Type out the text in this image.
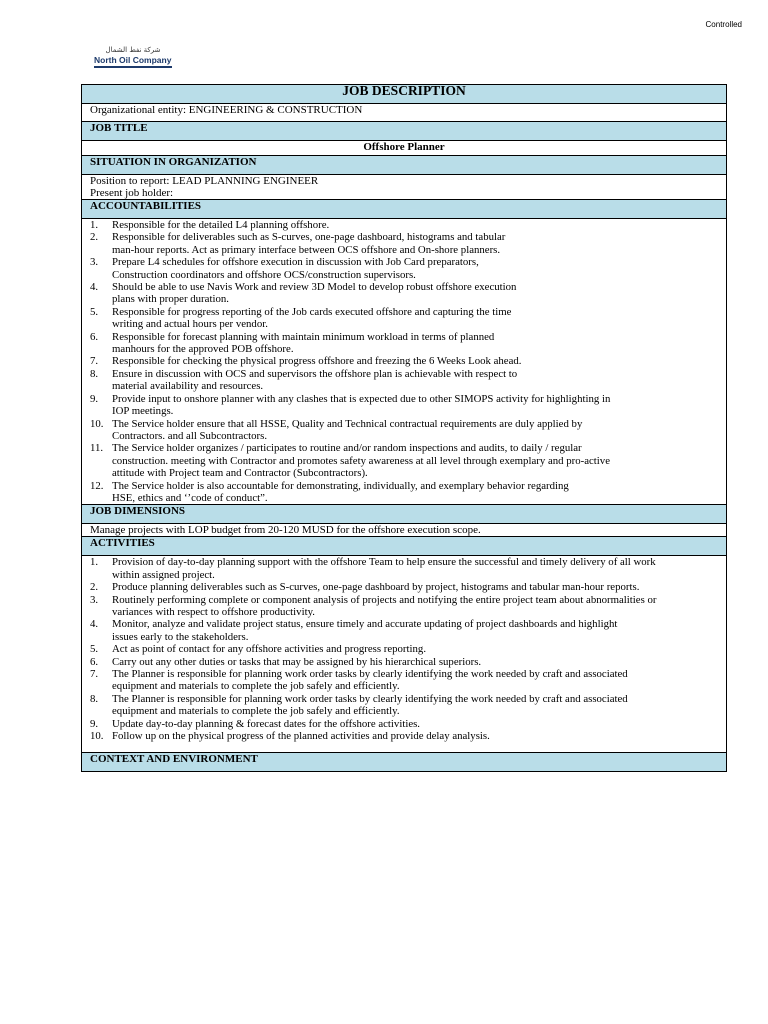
Controlled
شركة نفط الشمال
North Oil Company
JOB DESCRIPTION
Organizational entity: ENGINEERING & CONSTRUCTION
JOB TITLE
Offshore Planner
SITUATION IN ORGANIZATION

Position to report: LEAD PLANNING ENGINEER
Present job holder:

ACCOUNTABILITIES

1.	Responsible for the detailed L4 planning offshore.
2.	Responsible for deliverables such as S-curves, one-page dashboard, histograms and tabular
man-hour reports. Act as primary interface between OCS offshore and On-shore planners.
3.	Prepare L4 schedules for offshore execution in discussion with Job Card preparators,
Construction coordinators and offshore OCS/construction supervisors.
4.	Should be able to use Navis Work and review 3D Model to develop robust offshore execution
plans with proper duration.
5.	Responsible for progress reporting of the Job cards executed offshore and capturing the time
writing and actual hours per vendor.
6.	Responsible for forecast planning with maintain minimum workload in terms of planned
manhours for the approved POB offshore.
7.	Responsible for checking the physical progress offshore and freezing the 6 Weeks Look ahead.
8.	Ensure in discussion with OCS and supervisors the offshore plan is achievable with respect to
material availability and resources.
9.	Provide input to onshore planner with any clashes that is expected due to other SIMOPS activity for highlighting in
IOP meetings.
10. The Service holder ensure that all HSSE, Quality and Technical contractual requirements are duly applied by
Contractors. and all Subcontractors.
11. The Service holder organizes / participates to routine and/or random inspections and audits, to daily / regular
construction. meeting with Contractor and promotes safety awareness at all level through exemplary and pro-active
attitude with Project team and Contractor (Subcontractors).
12. The Service holder is also accountable for demonstrating, individually, and exemplary behavior regarding
HSE, ethics and ‘’code of conduct”.

JOB DIMENSIONS
Manage projects with LOP budget from 20-120 MUSD for the offshore execution scope.
ACTIVITIES

1.	Provision of day-to-day planning support with the offshore Team to help ensure the successful and timely delivery of all work
within assigned project.
2.	Produce planning deliverables such as S-curves, one-page dashboard by project, histograms and tabular man-hour reports.
3.	Routinely performing complete or component analysis of projects and notifying the entire project team about abnormalities or
variances with respect to offshore productivity.
4.	Monitor, analyze and validate project status, ensure timely and accurate updating of project dashboards and highlight
issues early to the stakeholders.
5.	Act as point of contact for any offshore activities and progress reporting.
6.	Carry out any other duties or tasks that may be assigned by his hierarchical superiors.
7.	The Planner is responsible for planning work order tasks by clearly identifying the work needed by craft and associated
equipment and materials to complete the job safely and efficiently.
8.	The Planner is responsible for planning work order tasks by clearly identifying the work needed by craft and associated
equipment and materials to complete the job safely and efficiently.
9.	Update day-to-day planning & forecast dates for the offshore activities.
10. Follow up on the physical progress of the planned activities and provide delay analysis.

CONTEXT AND ENVIRONMENT
